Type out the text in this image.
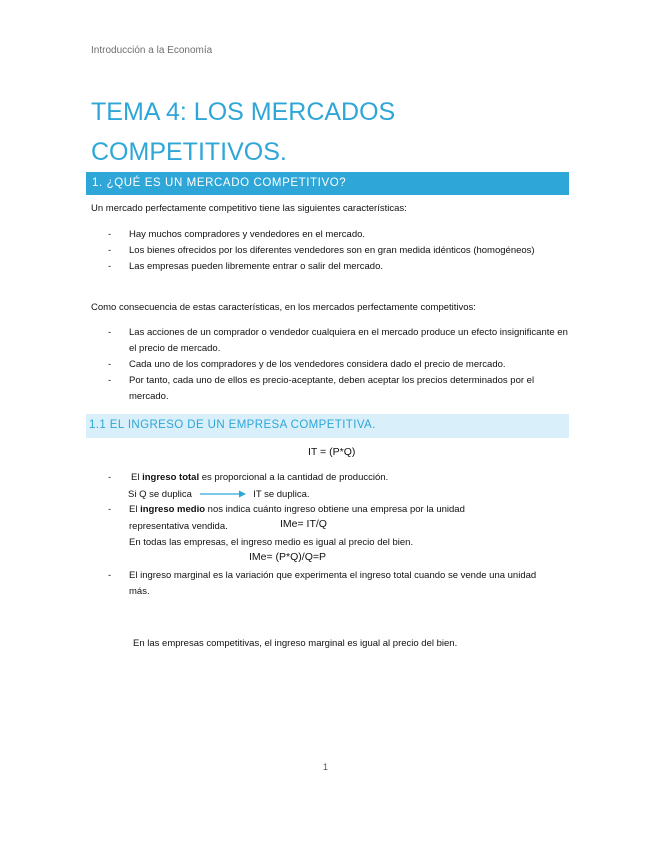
Introducción a la Economía
TEMA 4: LOS MERCADOS
COMPETITIVOS.
1. ¿QUÉ ES UN MERCADO COMPETITIVO?

Un mercado perfectamente competitivo tiene las siguientes características:

- Hay muchos compradores y vendedores en el mercado.
- Los bienes ofrecidos por los diferentes vendedores son en gran medida idénticos (homogéneos)
- Las empresas pueden libremente entrar o salir del mercado.

Como consecuencia de estas características, en los mercados perfectamente competitivos:

- Las acciones de un comprador o vendedor cualquiera en el mercado produce un efecto insignificante en el precio de mercado.
- Cada uno de los compradores y de los vendedores considera dado el precio de mercado.
- Por tanto, cada uno de ellos es precio-aceptante, deben aceptar los precios determinados por el mercado.
1.1 EL INGRESO DE UN EMPRESA COMPETITIVA.
IT = (P*Q)
- El ingreso total es proporcional a la cantidad de producción.
Si Q se duplica	IT se duplica.
- El ingreso medio nos indica cuánto ingreso obtiene una empresa por la unidad
representativa vendida.	IMe= IT/Q
En todas las empresas, el ingreso medio es igual al precio del bien.
IMe= (P*Q)/Q=P
- El ingreso marginal es la variación que experimenta el ingreso total cuando se vende una unidad más.
En las empresas competitivas, el ingreso marginal es igual al precio del bien.
1
